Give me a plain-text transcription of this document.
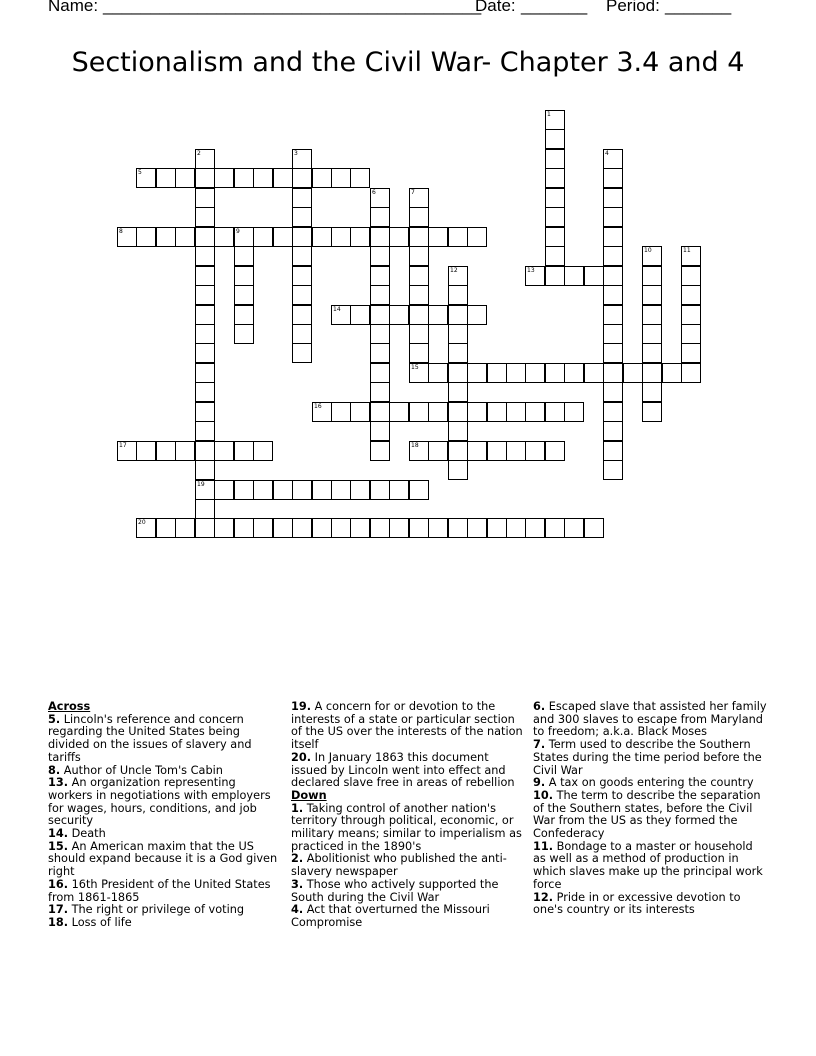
Name: ________________________________________
Date: _______ Period: _______
Sectionalism and the Civil War- Chapter 3.4 and 4
1
2
19
3	4
5
6	7
8	9
10	11
12	13
14
15
16
17	18
20

Across

5. Lincoln's reference and concern regarding the United States being divided on the issues of slavery and tariffs

8. Author of Uncle Tom's Cabin

13. An organization representing workers in negotiations with employers for wages, hours, conditions, and job security

14. Death

15. An American maxim that the US should expand because it is a God given right

16. 16th President of the United States from 1861-1865

17. The right or privilege of voting

18. Loss of life

19. A concern for or devotion to the interests of a state or particular section of the US over the interests of the nation itself

20. In January 1863 this document issued by Lincoln went into effect and declared slave free in areas of rebellion

Down

1. Taking control of another nation's territory through political, economic, or military means; similar to imperialism as practiced in the 1890's

2. Abolitionist who published the anti-slavery newspaper

3. Those who actively supported the South during the Civil War

4. Act that overturned the Missouri Compromise

6. Escaped slave that assisted her family and 300 slaves to escape from Maryland to freedom; a.k.a. Black Moses

7. Term used to describe the Southern States during the time period before the Civil War

9. A tax on goods entering the country

10. The term to describe the separation of the Southern states, before the Civil War from the US as they formed the Confederacy

11. Bondage to a master or household as well as a method of production in which slaves make up the principal work force

12. Pride in or excessive devotion to one's country or its interests
